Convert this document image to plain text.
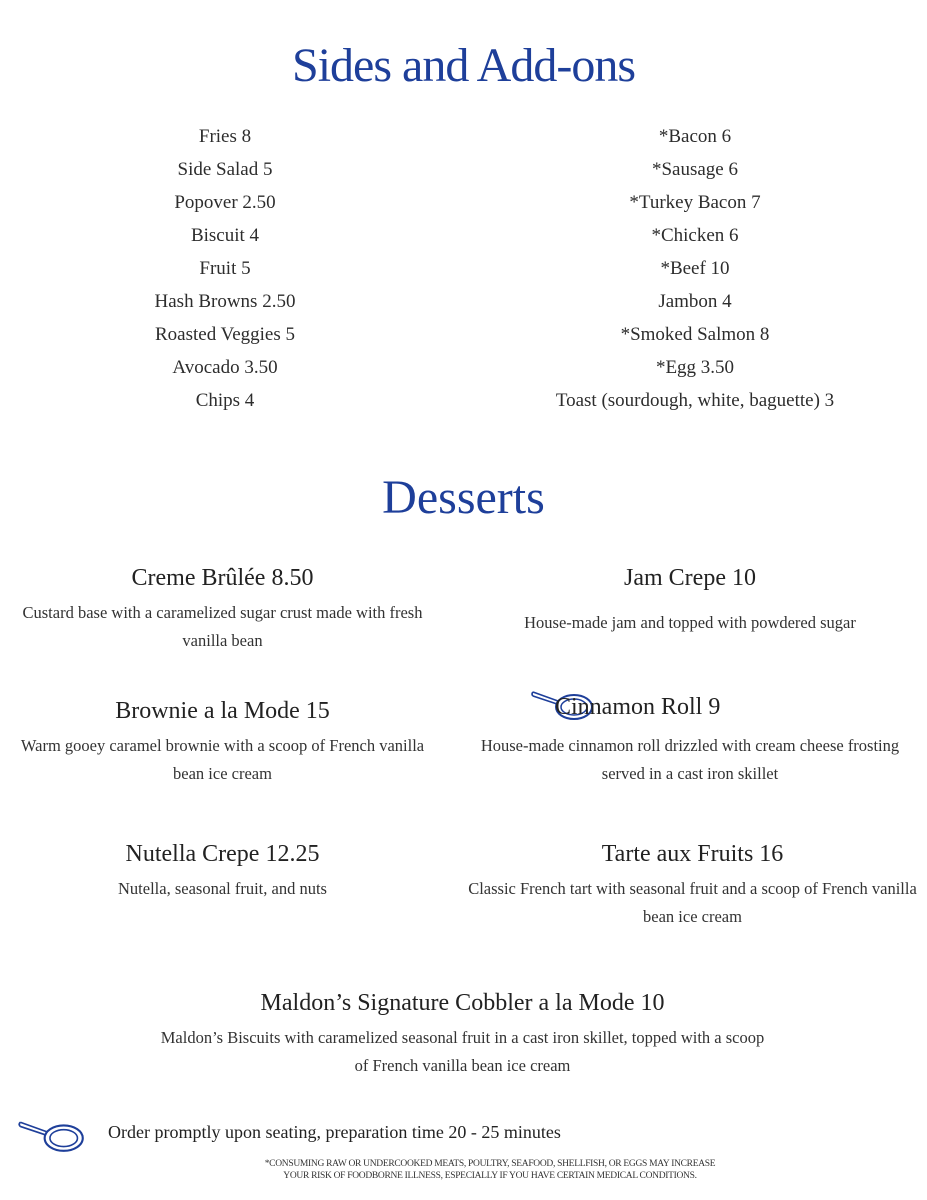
Sides and Add-ons
Fries 8
Side Salad 5
Popover 2.50
Biscuit 4
Fruit 5
Hash Browns 2.50
Roasted Veggies 5
Avocado 3.50
Chips 4
*Bacon 6
*Sausage 6
*Turkey Bacon 7
*Chicken 6
*Beef 10
Jambon 4
*Smoked Salmon 8
*Egg 3.50
Toast (sourdough, white, baguette) 3
Desserts
Creme Brûlée 8.50

Custard base with a caramelized sugar crust made with fresh vanilla bean

Jam Crepe 10

House-made jam and topped with powdered sugar

Brownie a la Mode 15

Warm gooey caramel brownie with a scoop of French vanilla bean ice cream

Cinnamon Roll 9

House-made cinnamon roll drizzled with cream cheese frosting served in a cast iron skillet

Nutella Crepe 12.25

Nutella, seasonal fruit, and nuts

Tarte aux Fruits 16

Classic French tart with seasonal fruit and a scoop of French vanilla bean ice cream

Maldon’s Signature Cobbler a la Mode 10

Maldon’s Biscuits with caramelized seasonal fruit in a cast iron skillet, topped with a scoop of French vanilla bean ice cream

Order promptly upon seating, preparation time 20 - 25 minutes
*CONSUMING RAW OR UNDERCOOKED MEATS, POULTRY, SEAFOOD, SHELLFISH, OR EGGS MAY INCREASE
YOUR RISK OF FOODBORNE ILLNESS, ESPECIALLY IF YOU HAVE CERTAIN MEDICAL CONDITIONS.
